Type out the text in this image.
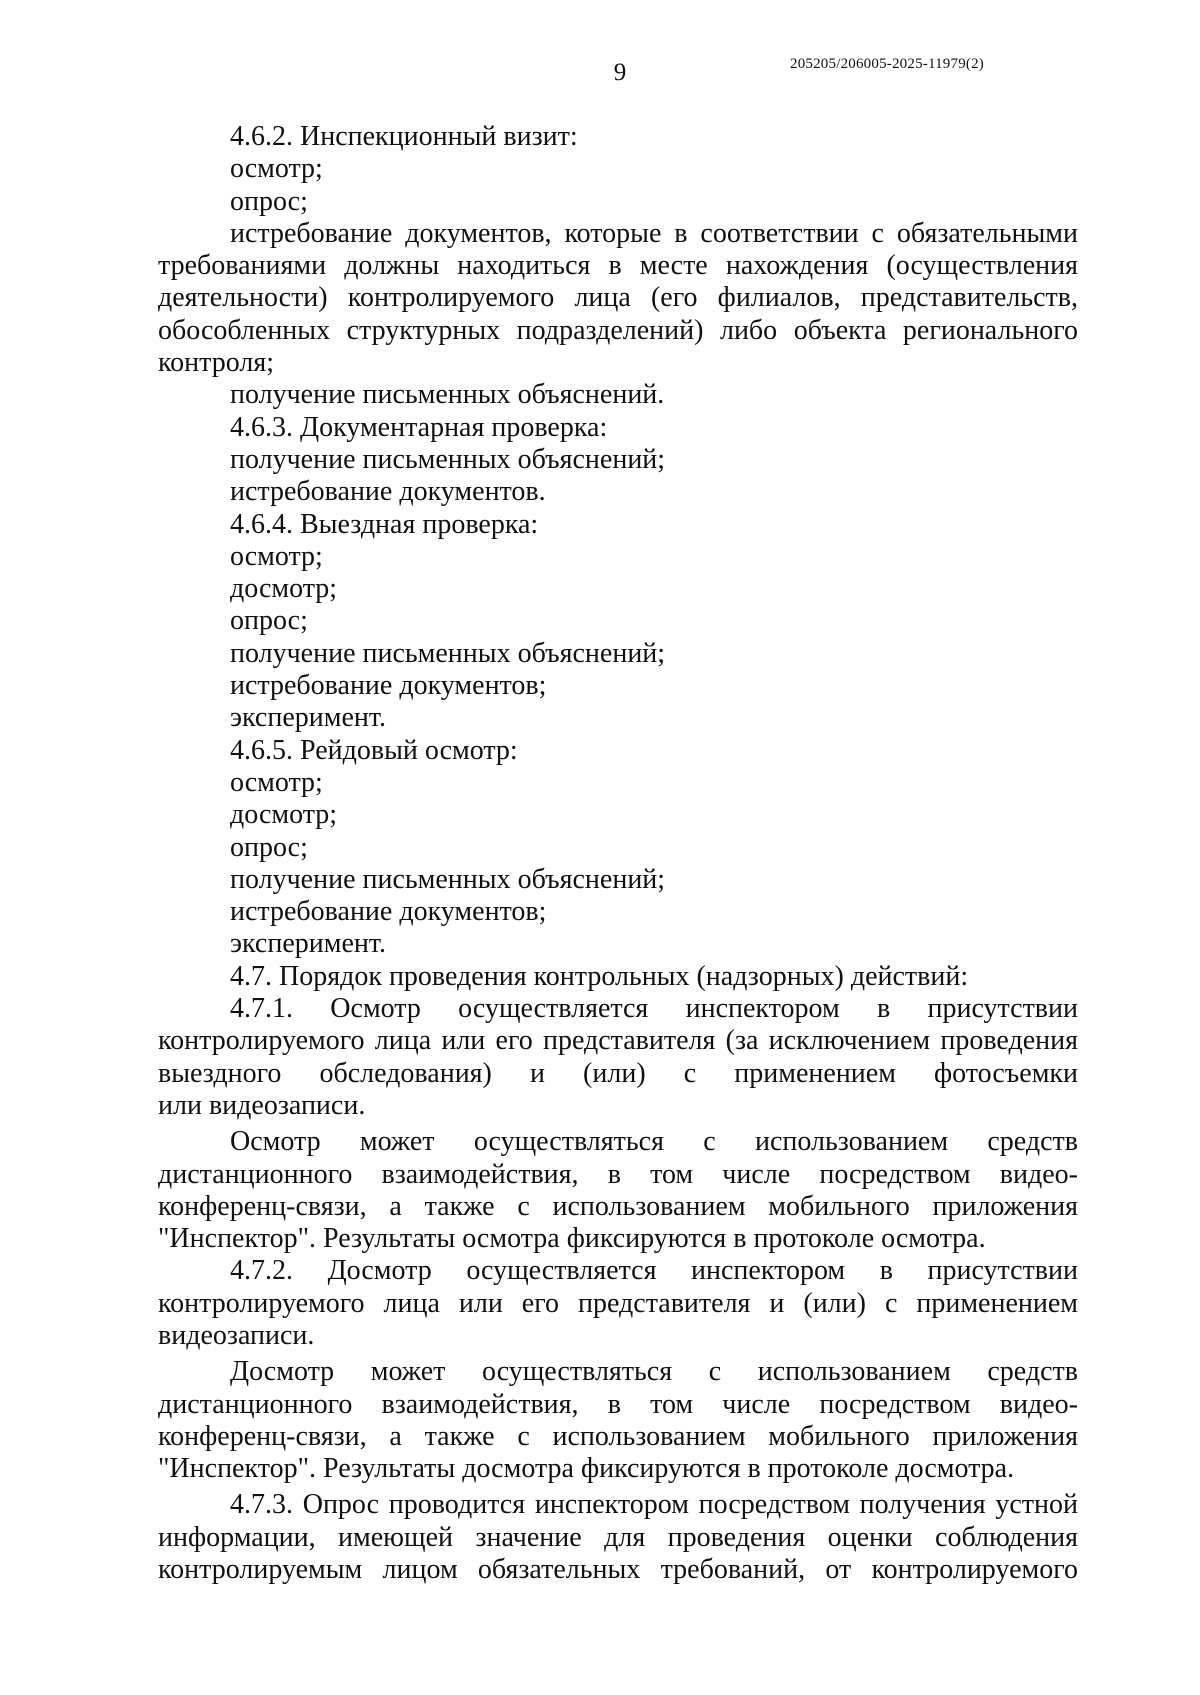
9	205205/206005-2025-11979(2)

4.6.2. Инспекционный визит:

осмотр;

опрос;

истребование документов, которые в соответствии с обязательными

требованиями должны находиться в месте нахождения (осуществления

деятельности) контролируемого лица (его филиалов, представительств,

обособленных структурных подразделений) либо объекта регионального

контроля;

получение письменных объяснений.

4.6.3. Документарная проверка:

получение письменных объяснений;

истребование документов.

4.6.4. Выездная проверка:

осмотр;

досмотр;

опрос;

получение письменных объяснений;

истребование документов;

эксперимент.

4.6.5. Рейдовый осмотр:

осмотр;

досмотр;

опрос;

получение письменных объяснений;

истребование документов;

эксперимент.

4.7. Порядок проведения контрольных (надзорных) действий:

4.7.1. Осмотр осуществляется инспектором в присутствии

контролируемого лица или его представителя (за исключением проведения

выездного обследования) и (или) с применением фотосъемки

или видеозаписи.

Осмотр может осуществляться с использованием средств

дистанционного взаимодействия, в том числе посредством видео-

конференц-связи, а также с использованием мобильного приложения

"Инспектор". Результаты осмотра фиксируются в протоколе осмотра.

4.7.2. Досмотр осуществляется инспектором в присутствии

контролируемого лица или его представителя и (или) с применением

видеозаписи.

Досмотр может осуществляться с использованием средств

дистанционного взаимодействия, в том числе посредством видео-

конференц-связи, а также с использованием мобильного приложения

"Инспектор". Результаты досмотра фиксируются в протоколе досмотра.

4.7.3. Опрос проводится инспектором посредством получения устной

информации, имеющей значение для проведения оценки соблюдения

контролируемым лицом обязательных требований, от контролируемого
